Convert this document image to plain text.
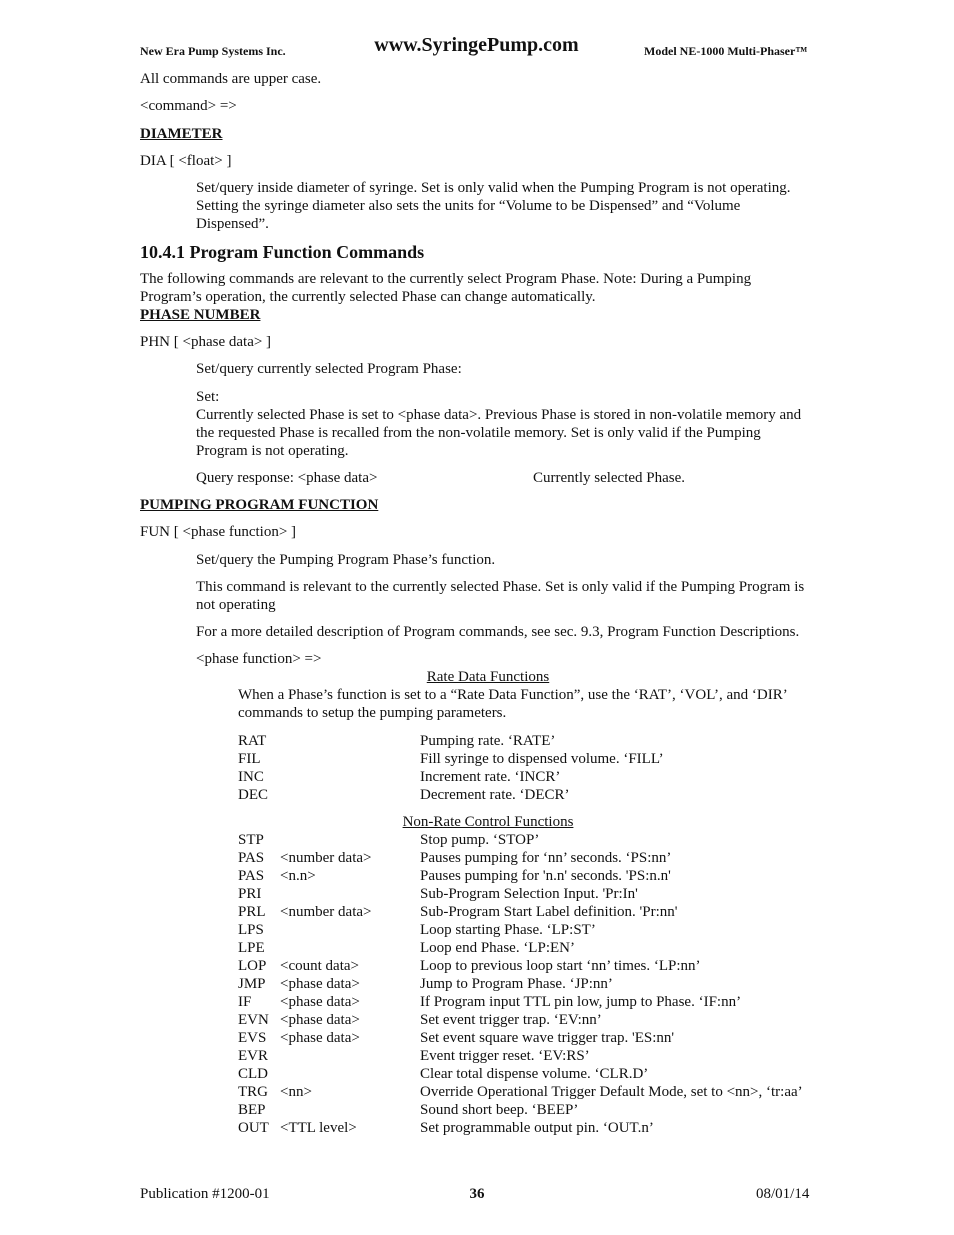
New Era Pump Systems Inc.	www.SyringePump.com	Model NE-1000 Multi-Phaser™
All commands are upper case.
<command> =>
DIAMETER
DIA [ <float> ]
Set/query inside diameter of syringe. Set is only valid when the Pumping Program is not operating.
Setting the syringe diameter also sets the units for “Volume to be Dispensed” and “Volume
Dispensed”.
10.4.1 Program Function Commands
The following commands are relevant to the currently select Program Phase. Note: During a Pumping
Program’s operation, the currently selected Phase can change automatically.
PHASE NUMBER
PHN [ <phase data> ]
Set/query currently selected Program Phase:
Set:
Currently selected Phase is set to <phase data>. Previous Phase is stored in non-volatile memory and
the requested Phase is recalled from the non-volatile memory. Set is only valid if the Pumping
Program is not operating.
Query response: <phase data>	Currently selected Phase.
PUMPING PROGRAM FUNCTION
FUN [ <phase function> ]
Set/query the Pumping Program Phase’s function.
This command is relevant to the currently selected Phase. Set is only valid if the Pumping Program is
not operating
For a more detailed description of Program commands, see sec. 9.3, Program Function Descriptions.
<phase function> =>
Rate Data Functions
When a Phase’s function is set to a “Rate Data Function”, use the ‘RAT’, ‘VOL’, and ‘DIR’
commands to setup the pumping parameters.
RAT	Pumping rate. ‘RATE’
FIL	Fill syringe to dispensed volume. ‘FILL’
INC	Increment rate. ‘INCR’
DEC	Decrement rate. ‘DECR’
Non-Rate Control Functions
STP	Stop pump. ‘STOP’
PAS <number data>	Pauses pumping for ‘nn’ seconds. ‘PS:nn’
PAS <n.n>	Pauses pumping for 'n.n' seconds. 'PS:n.n'
PRI	Sub-Program Selection Input. 'Pr:In'
PRL <number data>	Sub-Program Start Label definition. 'Pr:nn'
LPS	Loop starting Phase. ‘LP:ST’
LPE	Loop end Phase. ‘LP:EN’
LOP <count data>	Loop to previous loop start ‘nn’ times. ‘LP:nn’
JMP <phase data>	Jump to Program Phase. ‘JP:nn’
IF <phase data>	If Program input TTL pin low, jump to Phase. ‘IF:nn’
EVN <phase data>	Set event trigger trap. ‘EV:nn’
EVS <phase data>	Set event square wave trigger trap. 'ES:nn'
EVR	Event trigger reset. ‘EV:RS’
CLD	Clear total dispense volume. ‘CLR.D’
TRG <nn>	Override Operational Trigger Default Mode, set to <nn>, ‘tr:aa’
BEP	Sound short beep. ‘BEEP’
OUT <TTL level>	Set programmable output pin. ‘OUT.n’
Publication #1200-01	36	08/01/14
